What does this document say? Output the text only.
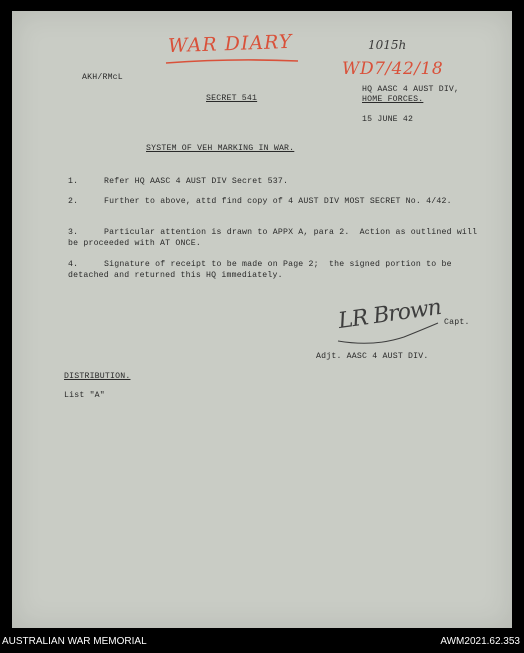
WAR DIARY	1015h
WD7/42/18
AKH/RMcL
SECRET 541
HQ AASC 4 AUST DIV,
HOME FORCES.
15 JUNE 42
SYSTEM OF VEH MARKING IN WAR.
1.	Refer HQ AASC 4 AUST DIV Secret 537.
2.	Further to above, attd find copy of 4 AUST DIV MOST SECRET No. 4/42.
3.	Particular attention is drawn to APPX A, para 2.  Action as outlined will be proceeded with AT ONCE.
4.	Signature of receipt to be made on Page 2;  the signed portion to be detached and returned this HQ immediately.
LR Brown Capt.
Adjt. AASC 4 AUST DIV.
DISTRIBUTION.
List "A"
AUSTRALIAN WAR MEMORIAL	AWM2021.62.353
